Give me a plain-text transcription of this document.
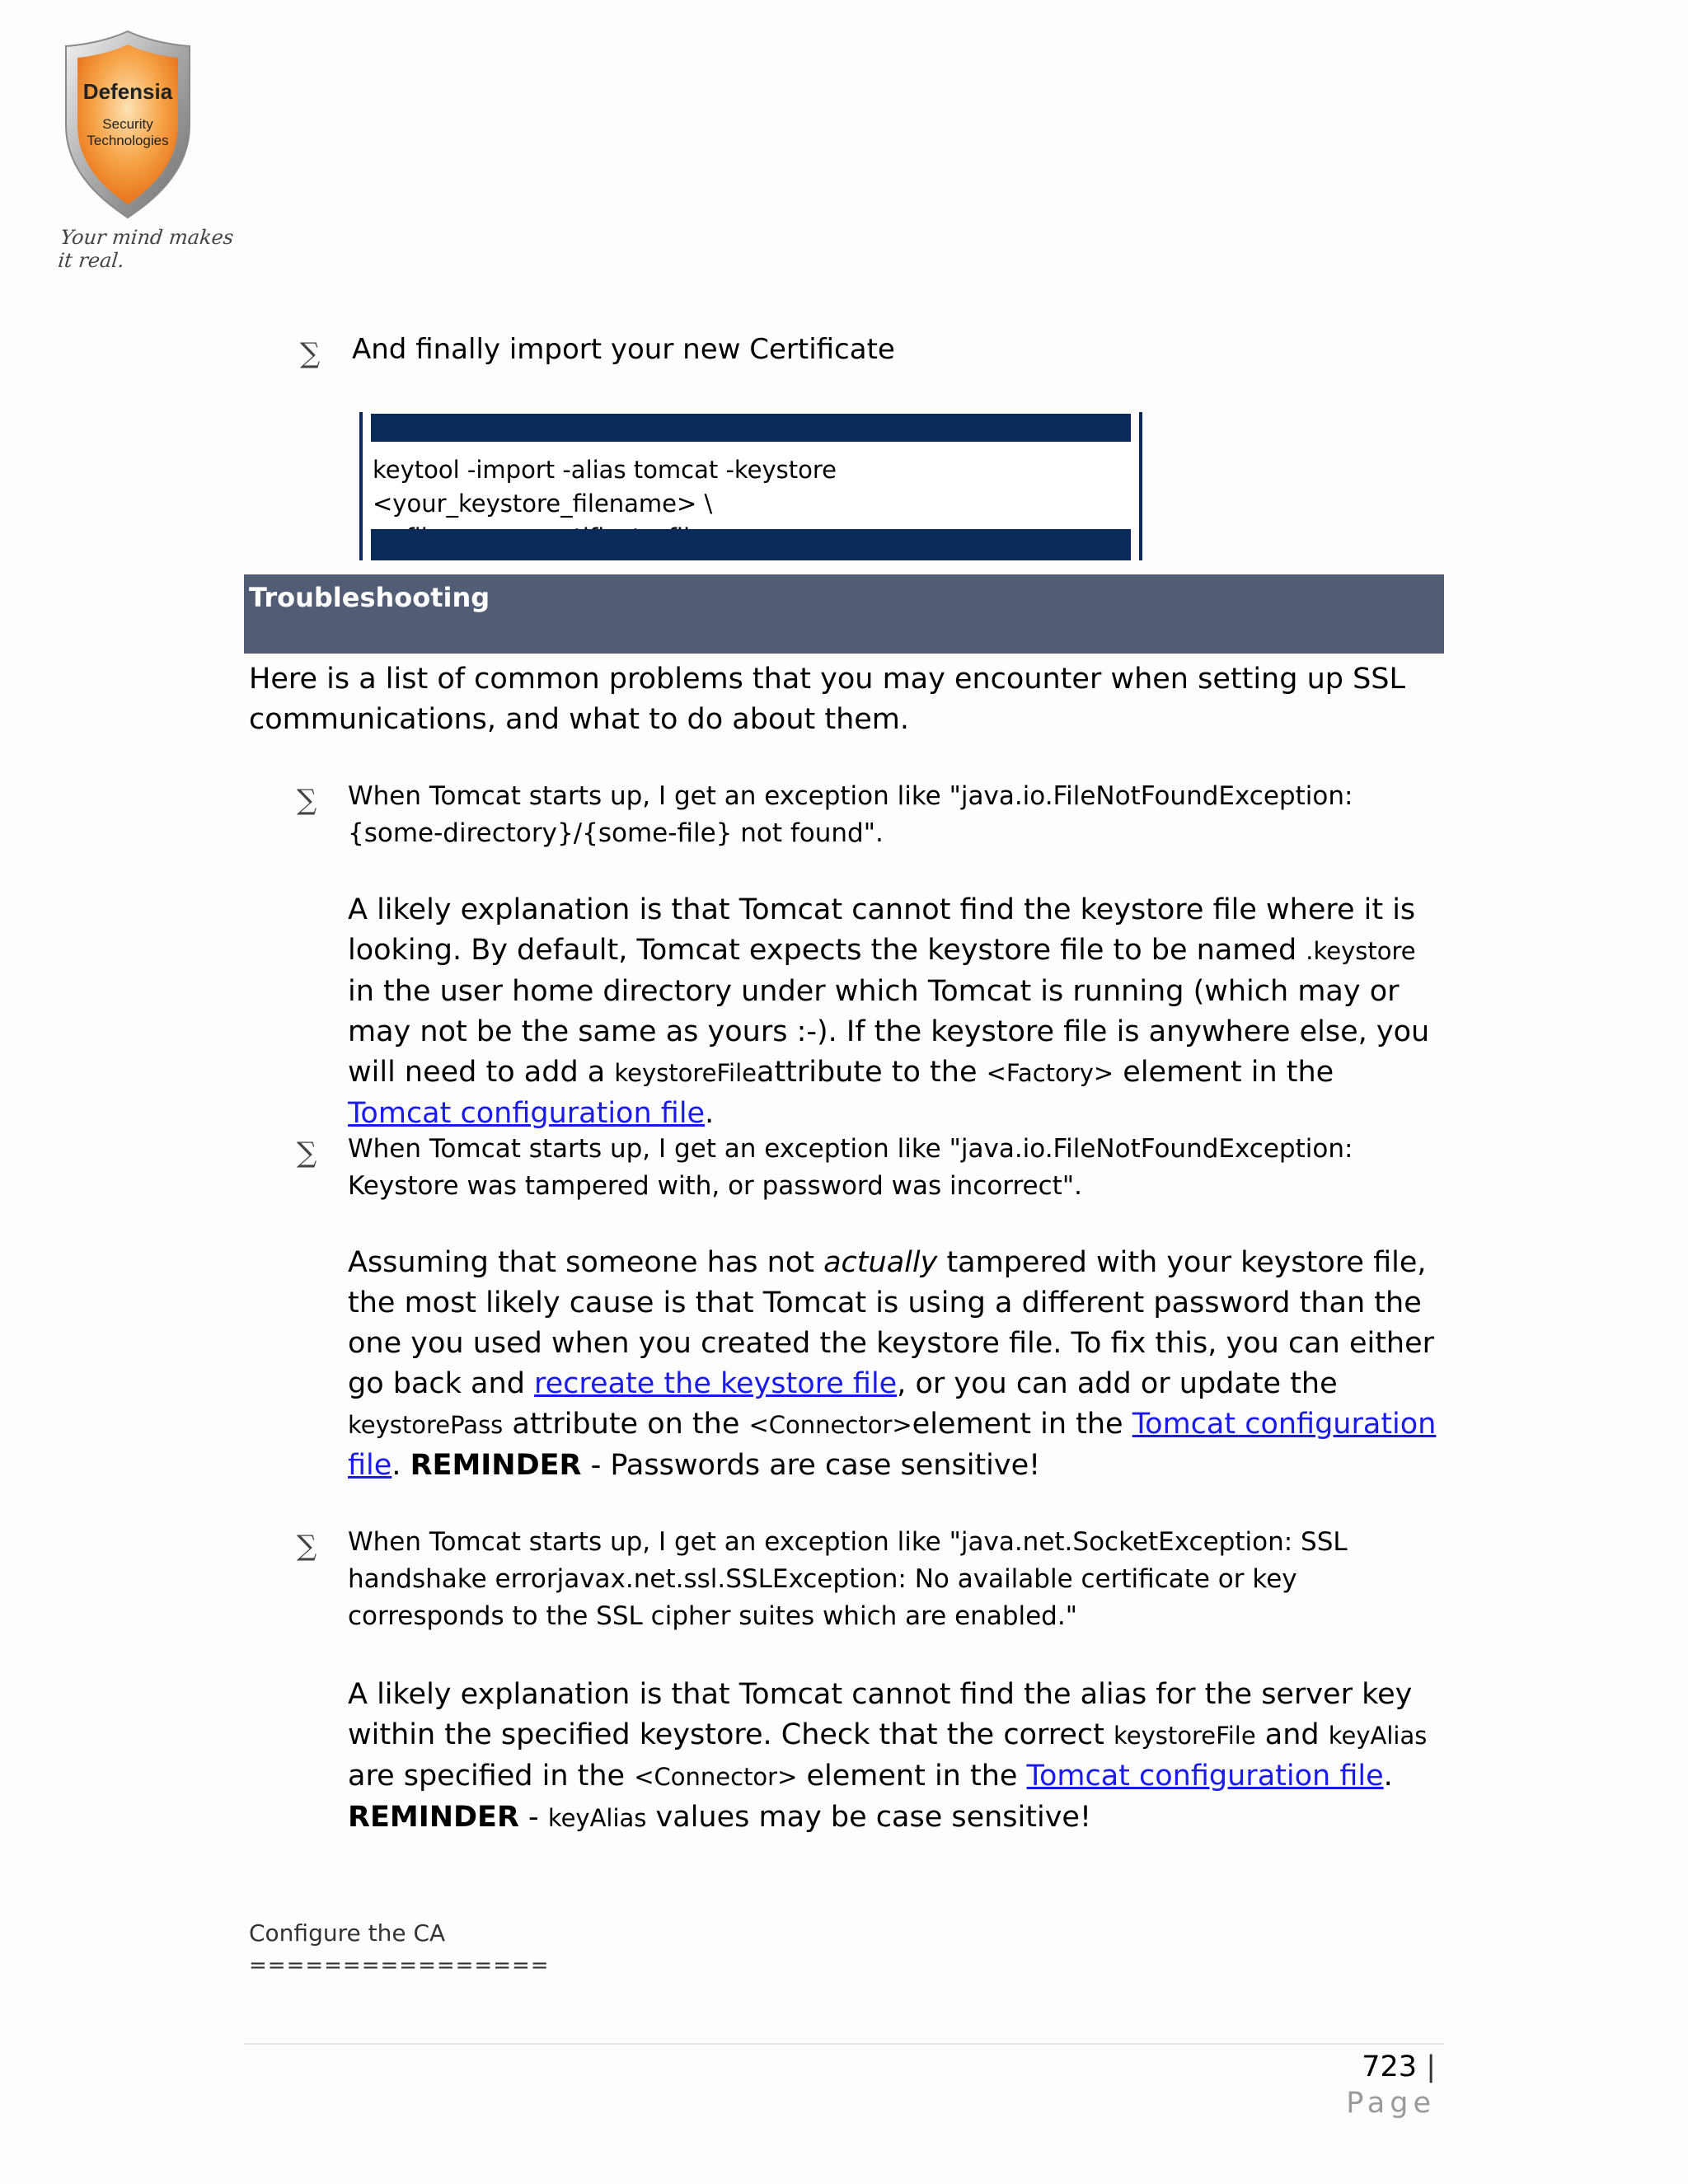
Defensia
Security
Technologies
Your mind makes it real.
∑ And finally import your new Certificate
keytool -import -alias tomcat -keystore <your_keystore_filename> \
Troubleshooting
Here is a list of common problems that you may encounter when setting up SSL communications, and what to do about them.
∑ When Tomcat starts up, I get an exception like "java.io.FileNotFoundException: {some-directory}/{some-file} not found".
A likely explanation is that Tomcat cannot find the keystore file where it is looking. By default, Tomcat expects the keystore file to be named .keystore in the user home directory under which Tomcat is running (which may or may not be the same as yours :-). If the keystore file is anywhere else, you will need to add a keystoreFileattribute to the <Factory> element in the Tomcat configuration file.
∑ When Tomcat starts up, I get an exception like "java.io.FileNotFoundException: Keystore was tampered with, or password was incorrect".
Assuming that someone has not actually tampered with your keystore file, the most likely cause is that Tomcat is using a different password than the one you used when you created the keystore file. To fix this, you can either go back and recreate the keystore file, or you can add or update the keystorePass attribute on the <Connector>element in the Tomcat configuration file. REMINDER - Passwords are case sensitive!
∑ When Tomcat starts up, I get an exception like "java.net.SocketException: SSL handshake errorjavax.net.ssl.SSLException: No available certificate or key corresponds to the SSL cipher suites which are enabled."
A likely explanation is that Tomcat cannot find the alias for the server key within the specified keystore. Check that the correct keystoreFile and keyAlias are specified in the <Connector> element in the Tomcat configuration file. REMINDER - keyAlias values may be case sensitive!
Configure the CA
================
723 | Page
